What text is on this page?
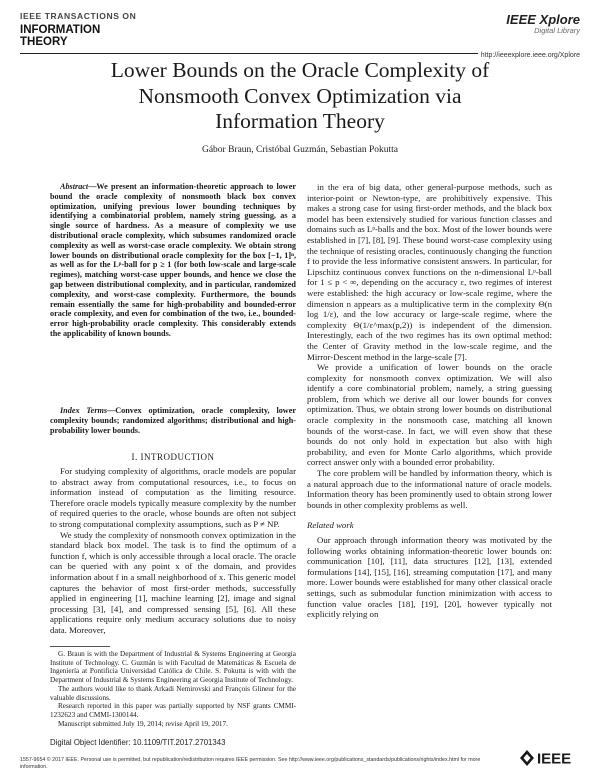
IEEE TRANSACTIONS ON
INFORMATION
THEORY
IEEE Xplore
Digital Library
http://ieeexplore.ieee.org/Xplore
Lower Bounds on the Oracle Complexity of
Nonsmooth Convex Optimization via
Information Theory
Gábor Braun, Cristóbal Guzmán, Sebastian Pokutta
Abstract—We present an information-theoretic approach to lower bound the oracle complexity of nonsmooth black box convex optimization, unifying previous lower bounding techniques by identifying a combinatorial problem, namely string guessing, as a single source of hardness. As a measure of complexity we use distributional oracle complexity, which subsumes randomized oracle complexity as well as worst-case oracle complexity. We obtain strong lower bounds on distributional oracle complexity for the box [−1, 1]ⁿ, as well as for the Lᵖ-ball for p ≥ 1 (for both low-scale and large-scale regimes), matching worst-case upper bounds, and hence we close the gap between distributional complexity, and in particular, randomized complexity, and worst-case complexity. Furthermore, the bounds remain essentially the same for high-probability and bounded-error oracle complexity, and even for combination of the two, i.e., bounded-error high-probability oracle complexity. This considerably extends the applicability of known bounds.
Index Terms—Convex optimization, oracle complexity, lower complexity bounds; randomized algorithms; distributional and high-probability lower bounds.
I. INTRODUCTION

For studying complexity of algorithms, oracle models are popular to abstract away from computational resources, i.e., to focus on information instead of computation as the limiting resource. Therefore oracle models typically measure complexity by the number of required queries to the oracle, whose bounds are often not subject to strong computational complexity assumptions, such as P ≠ NP.

We study the complexity of nonsmooth convex optimization in the standard black box model. The task is to find the optimum of a function f, which is only accessible through a local oracle. The oracle can be queried with any point x of the domain, and provides information about f in a small neighborhood of x. This generic model captures the behavior of most first-order methods, successfully applied in engineering [1], machine learning [2], image and signal processing [3], [4], and compressed sensing [5], [6]. All these applications require only medium accuracy solutions due to noisy data. Moreover,

G. Braun is with the Department of Industrial & Systems Engineering at Georgia Institute of Technology. C. Guzmán is with Facultad de Matemáticas & Escuela de Ingeniería at Pontificia Universidad Católica de Chile. S. Pokutta is with with the Department of Industrial & Systems Engineering at Georgia Institute of Technology.

The authors would like to thank Arkadi Nemirovski and François Glineur for the valuable discussions.

Research reported in this paper was partially supported by NSF grants CMMI-1232623 and CMMI-1300144.

Manuscript submitted July 19, 2014; revise April 19, 2017.

Digital Object Identifier: 10.1109/TIT.2017.2701343

in the era of big data, other general-purpose methods, such as interior-point or Newton-type, are prohibitively expensive. This makes a strong case for using first-order methods, and the black box model has been extensively studied for various function classes and domains such as Lᵖ-balls and the box. Most of the lower bounds were established in [7], [8], [9]. These bound worst-case complexity using the technique of resisting oracles, continuously changing the function f to provide the less informative consistent answers. In particular, for Lipschitz continuous convex functions on the n-dimensional Lᵖ-ball for 1 ≤ p < ∞, depending on the accuracy ε, two regimes of interest were established: the high accuracy or low-scale regime, where the dimension n appears as a multiplicative term in the complexity Θ(n log 1/ε), and the low accuracy or large-scale regime, where the complexity Θ(1/ε^max(p,2)) is independent of the dimension. Interestingly, each of the two regimes has its own optimal method: the Center of Gravity method in the low-scale regime, and the Mirror-Descent method in the large-scale [7].

We provide a unification of lower bounds on the oracle complexity for nonsmooth convex optimization. We will also identify a core combinatorial problem, namely, a string guessing problem, from which we derive all our lower bounds for convex optimization. Thus, we obtain strong lower bounds on distributional oracle complexity in the nonsmooth case, matching all known bounds of the worst-case. In fact, we will even show that these bounds do not only hold in expectation but also with high probability, and even for Monte Carlo algorithms, which provide correct answer only with a bounded error probability.

The core problem will be handled by information theory, which is a natural approach due to the informational nature of oracle models. Information theory has been prominently used to obtain strong lower bounds in other complexity problems as well.

Related work

Our approach through information theory was motivated by the following works obtaining information-theoretic lower bounds on: communication [10], [11], data structures [12], [13], extended formulations [14], [15], [16], streaming computation [17], and many more. Lower bounds were established for many other classical oracle settings, such as submodular function minimization with access to function value oracles [18], [19], [20], however typically not explicitly relying on

1557-9654 © 2017 IEEE. Personal use is permitted, but republication/redistribution requires IEEE permission. See http://www.ieee.org/publications_standards/publications/rights/index.html for more information.	IEEE
